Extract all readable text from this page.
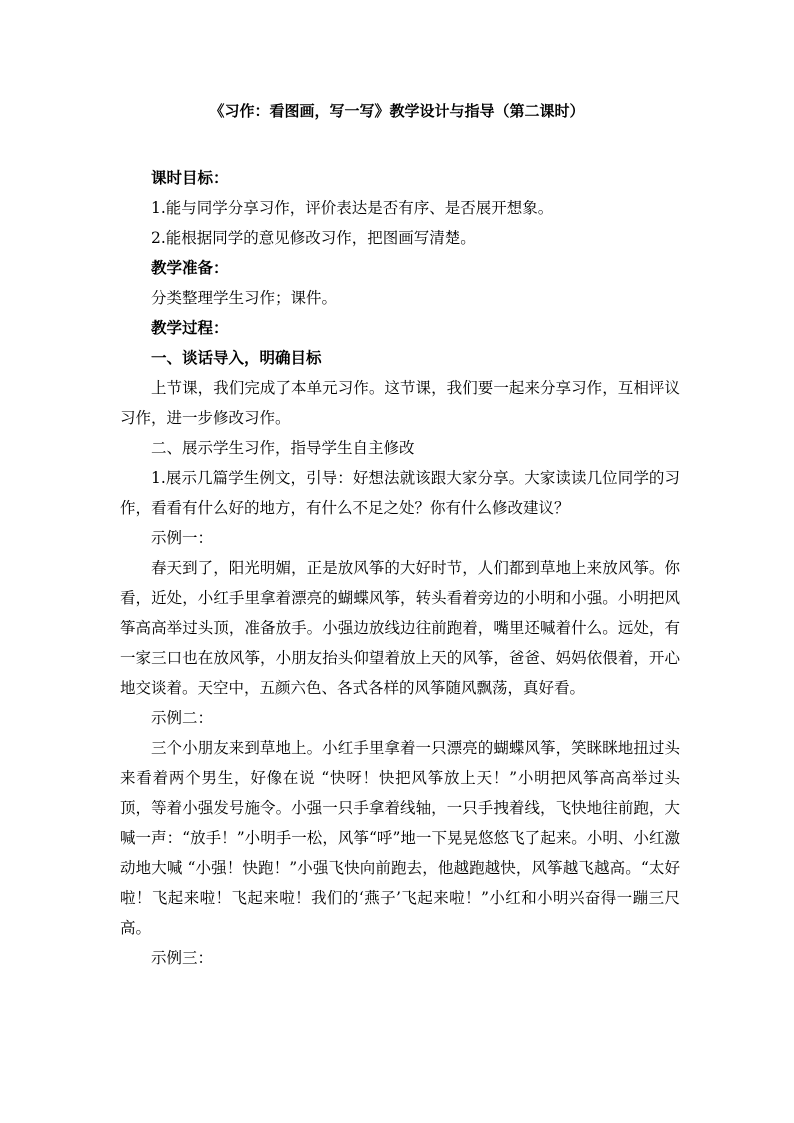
《习作：看图画，写一写》教学设计与指导（第二课时）

课时目标：

1.能与同学分享习作，评价表达是否有序、是否展开想象。

2.能根据同学的意见修改习作，把图画写清楚。

教学准备：

分类整理学生习作；课件。

教学过程：

一、谈话导入，明确目标

上节课，我们完成了本单元习作。这节课，我们要一起来分享习作，互相评议习作，进一步修改习作。

二、展示学生习作，指导学生自主修改

1.展示几篇学生例文，引导：好想法就该跟大家分享。大家读读几位同学的习作，看看有什么好的地方，有什么不足之处？你有什么修改建议？

示例一：

春天到了，阳光明媚，正是放风筝的大好时节，人们都到草地上来放风筝。你看，近处，小红手里拿着漂亮的蝴蝶风筝，转头看着旁边的小明和小强。小明把风筝高高举过头顶，准备放手。小强边放线边往前跑着，嘴里还喊着什么。远处，有一家三口也在放风筝，小朋友抬头仰望着放上天的风筝，爸爸、妈妈依偎着，开心地交谈着。天空中，五颜六色、各式各样的风筝随风飘荡，真好看。

示例二：

三个小朋友来到草地上。小红手里拿着一只漂亮的蝴蝶风筝，笑眯眯地扭过头来看着两个男生，好像在说 “快呀！快把风筝放上天！”小明把风筝高高举过头顶，等着小强发号施令。小强一只手拿着线轴，一只手拽着线，飞快地往前跑，大喊一声：“放手！”小明手一松，风筝“呼”地一下晃晃悠悠飞了起来。小明、小红激动地大喊 “小强！快跑！”小强飞快向前跑去，他越跑越快，风筝越飞越高。“太好啦！飞起来啦！飞起来啦！我们的‘燕子’飞起来啦！”小红和小明兴奋得一蹦三尺高。

示例三：
